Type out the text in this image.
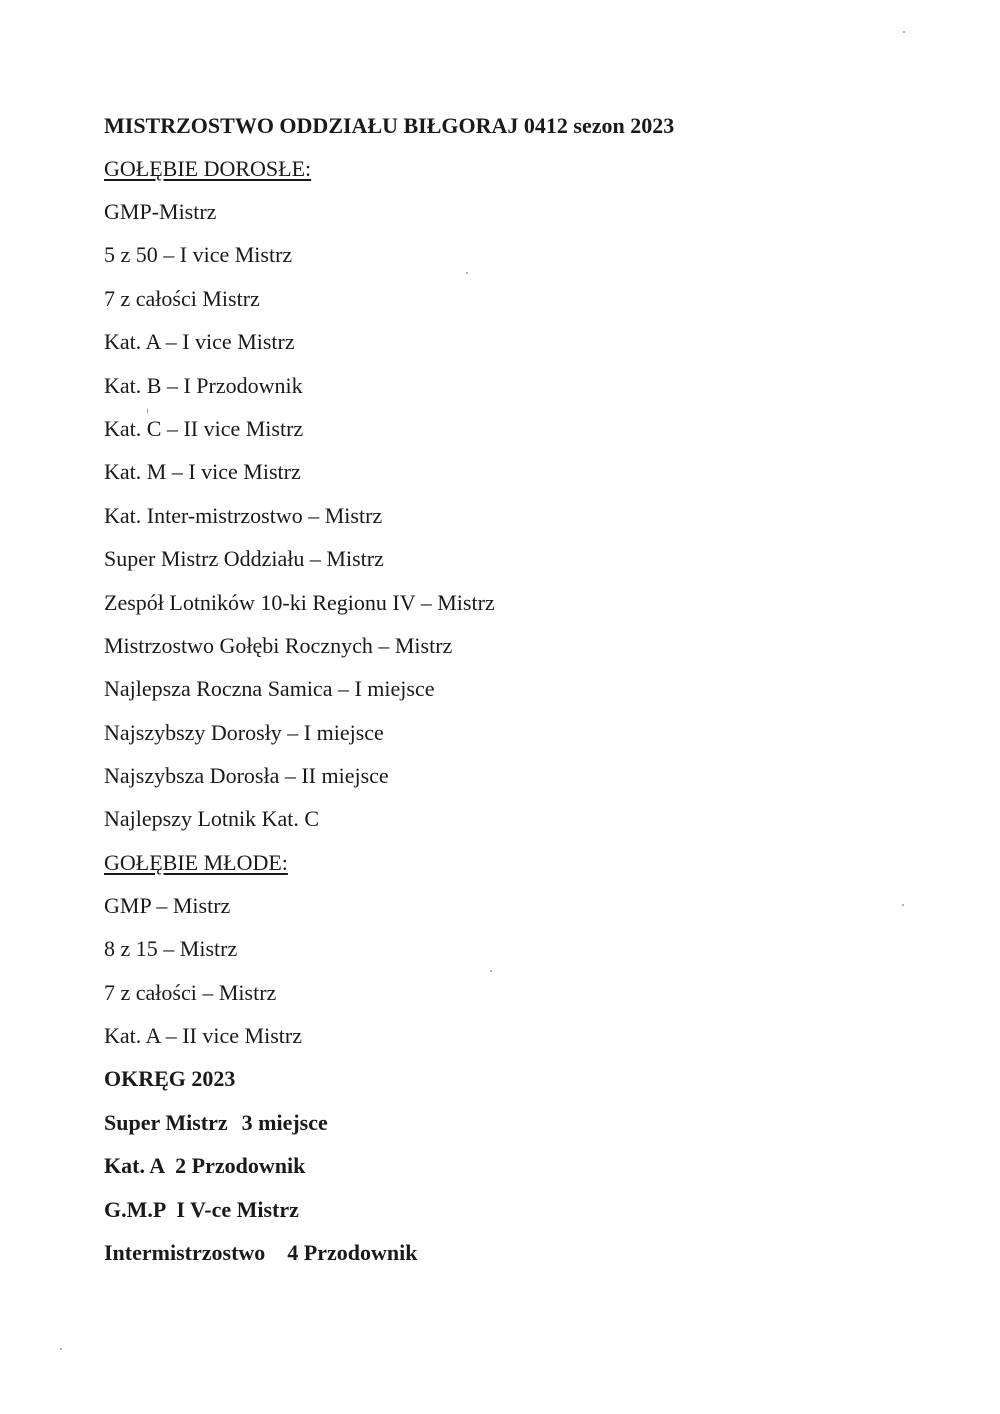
MISTRZOSTWO ODDZIAŁU BIŁGORAJ 0412 sezon 2023
GOŁĘBIE DOROSŁE:
GMP-Mistrz
5 z 50 – I vice Mistrz
7 z całości Mistrz
Kat. A – I vice Mistrz
Kat. B – I Przodownik
Kat. C – II vice Mistrz
Kat. M – I vice Mistrz
Kat. Inter-mistrzostwo – Mistrz
Super Mistrz Oddziału – Mistrz
Zespół Lotników 10-ki Regionu IV – Mistrz
Mistrzostwo Gołębi Rocznych – Mistrz
Najlepsza Roczna Samica – I miejsce
Najszybszy Dorosły – I miejsce
Najszybsza Dorosła – II miejsce
Najlepszy Lotnik Kat. C
GOŁĘBIE MŁODE:
GMP – Mistrz
8 z 15 – Mistrz
7 z całości – Mistrz
Kat. A – II vice Mistrz
OKRĘG 2023
Super Mistrz 3 miejsce
Kat. A 2 Przodownik
G.M.P I V-ce Mistrz
Intermistrzostwo 4 Przodownik
